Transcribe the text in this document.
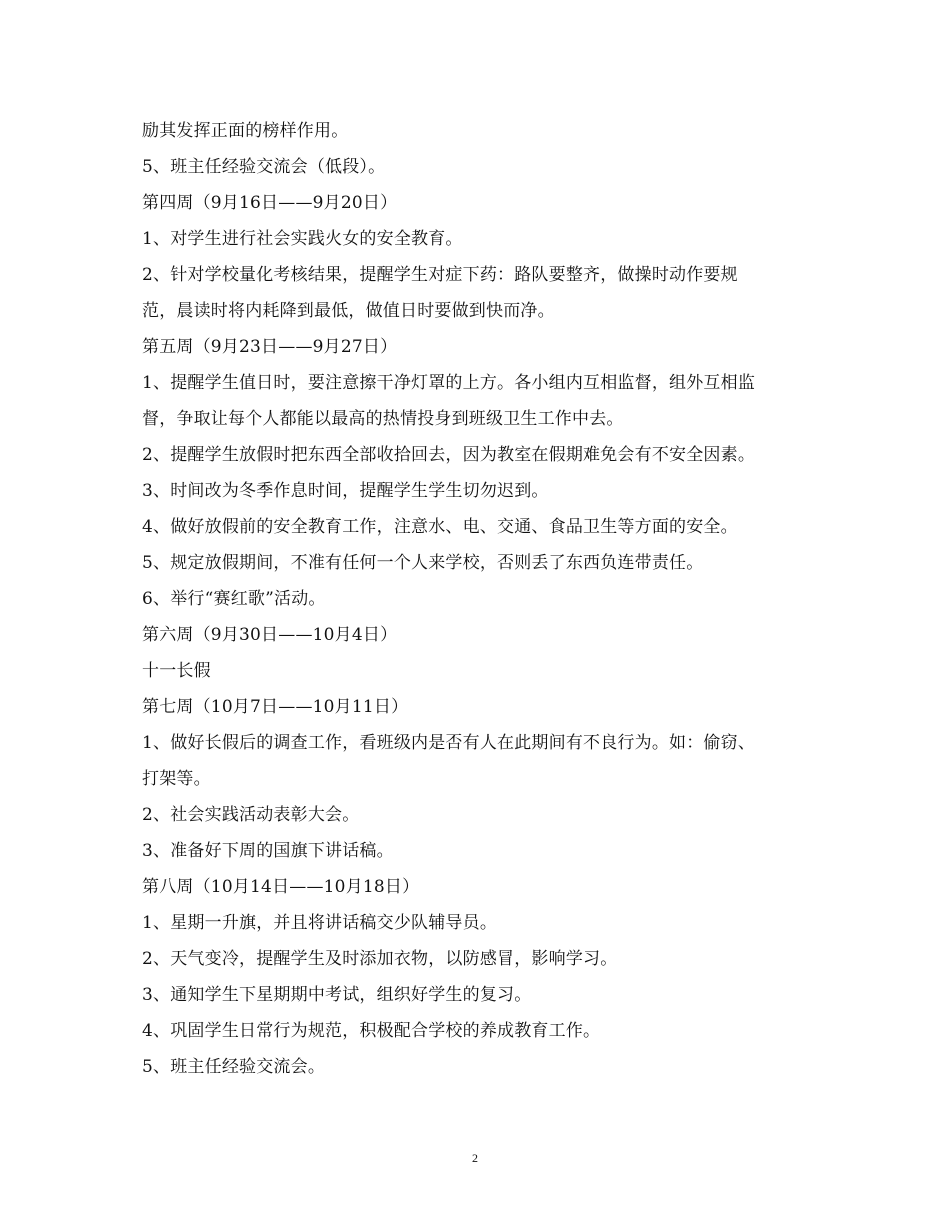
励其发挥正面的榜样作用。
5、班主任经验交流会（低段）。
第四周（9月16日——9月20日）
1、对学生进行社会实践火女的安全教育。
2、针对学校量化考核结果，提醒学生对症下药：路队要整齐，做操时动作要规
范，晨读时将内耗降到最低，做值日时要做到快而净。
第五周（9月23日——9月27日）
1、提醒学生值日时，要注意擦干净灯罩的上方。各小组内互相监督，组外互相监
督，争取让每个人都能以最高的热情投身到班级卫生工作中去。
2、提醒学生放假时把东西全部收拾回去，因为教室在假期难免会有不安全因素。
3、时间改为冬季作息时间，提醒学生学生切勿迟到。
4、做好放假前的安全教育工作，注意水、电、交通、食品卫生等方面的安全。
5、规定放假期间，不准有任何一个人来学校，否则丢了东西负连带责任。
6、举行“赛红歌”活动。
第六周（9月30日——10月4日）
十一长假
第七周（10月7日——10月11日）
1、做好长假后的调查工作，看班级内是否有人在此期间有不良行为。如：偷窃、
打架等。
2、社会实践活动表彰大会。
3、准备好下周的国旗下讲话稿。
第八周（10月14日——10月18日）
1、星期一升旗，并且将讲话稿交少队辅导员。
2、天气变冷，提醒学生及时添加衣物，以防感冒，影响学习。
3、通知学生下星期期中考试，组织好学生的复习。
4、巩固学生日常行为规范，积极配合学校的养成教育工作。
5、班主任经验交流会。
2
